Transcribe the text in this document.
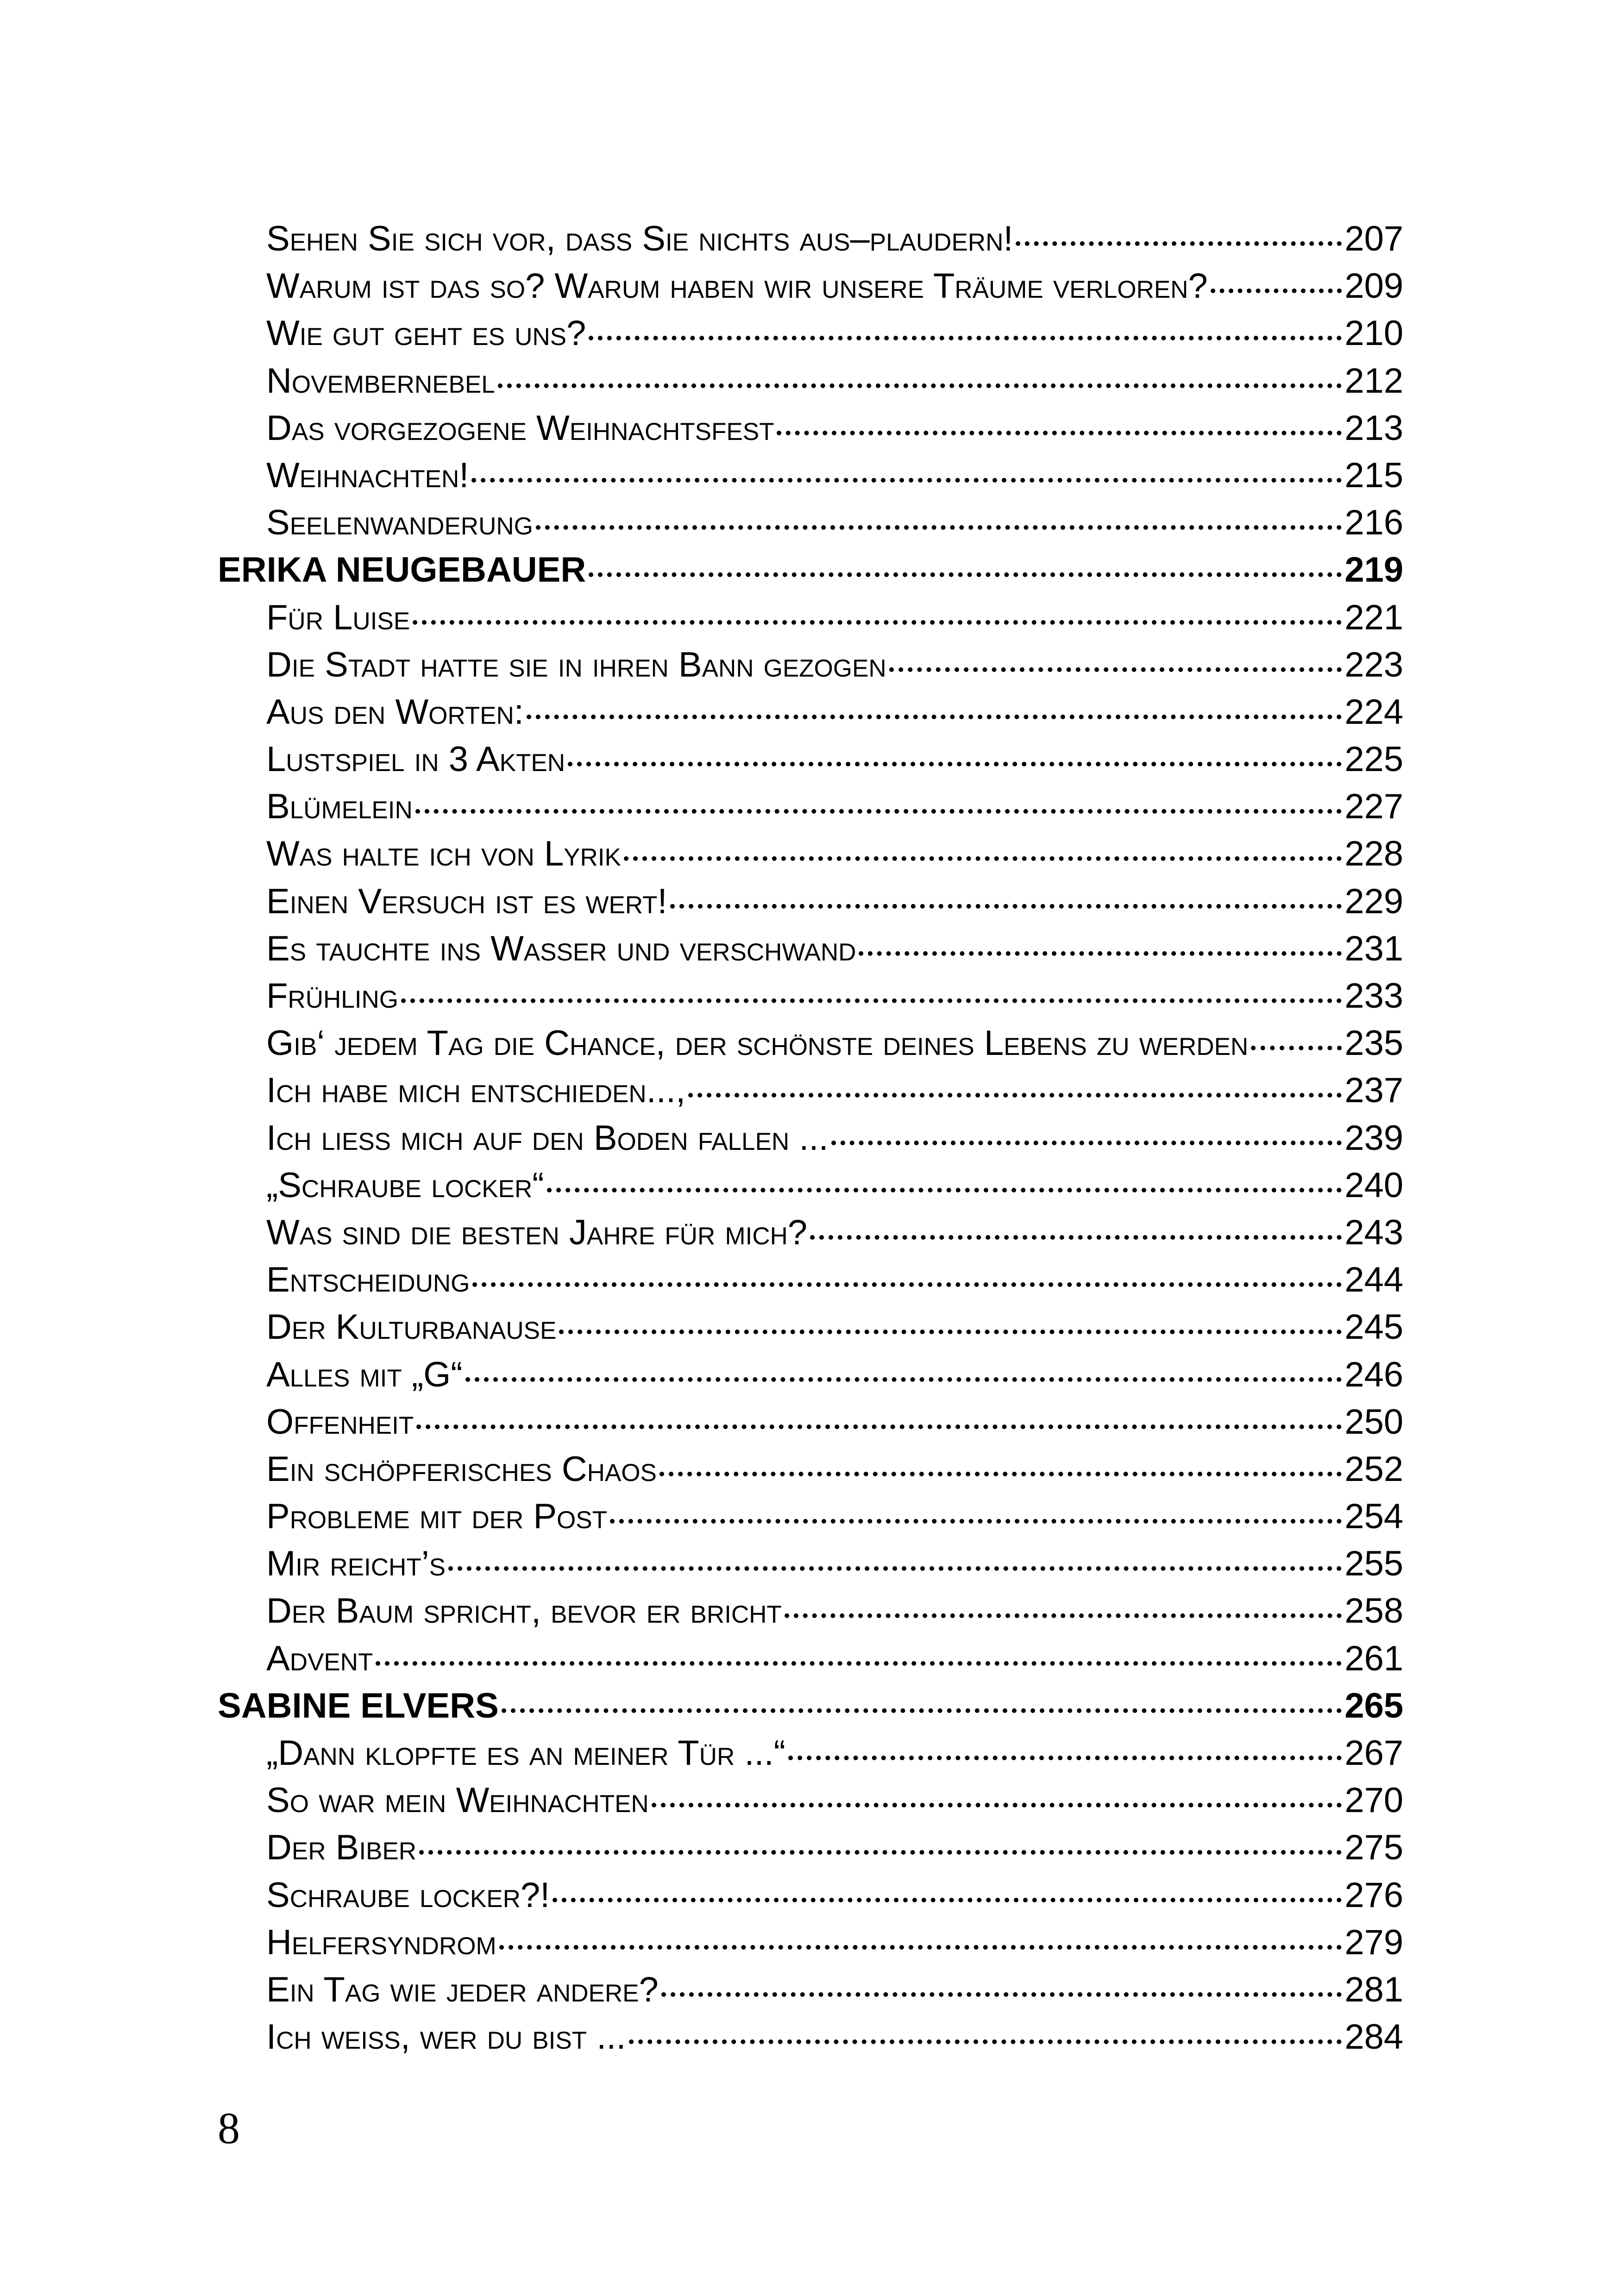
Sehen Sie sich vor, dass Sie nichts aus–plaudern!	207
Warum ist das so? Warum haben wir unsere Träume verloren?	209
Wie gut geht es uns?	210
Novembernebel	212
Das vorgezogene Weihnachtsfest	213
Weihnachten!	215
Seelenwanderung	216
ERIKA NEUGEBAUER	219
Für Luise	221
Die Stadt hatte sie in ihren Bann gezogen	223
Aus den Worten:	224
Lustspiel in 3 Akten	225
Blümelein	227
Was halte ich von Lyrik	228
Einen Versuch ist es wert!	229
Es tauchte ins Wasser und verschwand	231
Frühling	233
Gib‘ jedem Tag die Chance, der schönste deines Lebens zu werden	235
Ich habe mich entschieden...,	237
Ich ließ mich auf den Boden fallen ...	239
„Schraube locker“	240
Was sind die besten Jahre für mich?	243
Entscheidung	244
Der Kulturbanause	245
Alles mit „G“	246
Offenheit	250
Ein schöpferisches Chaos	252
Probleme mit der Post	254
Mir reicht’s	255
Der Baum spricht, bevor er bricht	258
Advent	261
SABINE ELVERS	265
„Dann klopfte es an meiner Tür ...“	267
So war mein Weihnachten	270
Der Biber	275
Schraube locker?!	276
Helfersyndrom	279
Ein Tag wie jeder andere?	281
Ich weiß, wer du bist ...	284
8
